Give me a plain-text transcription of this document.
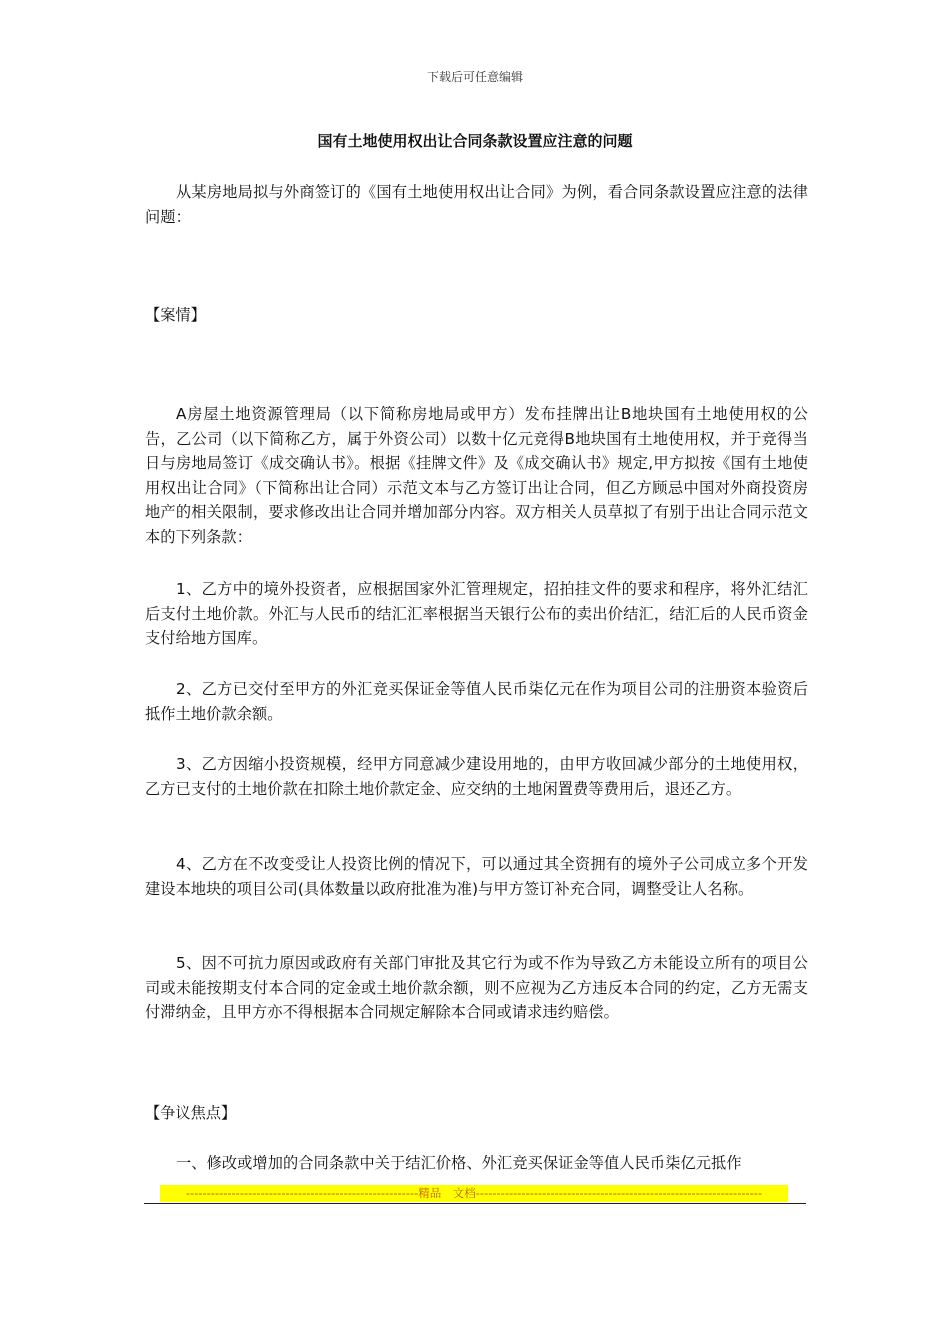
下载后可任意编辑
国有土地使用权出让合同条款设置应注意的问题

从某房地局拟与外商签订的《国有土地使用权出让合同》为例，看合同条款设置应注意的法律问题：

【案情】

A房屋土地资源管理局（以下简称房地局或甲方）发布挂牌出让B地块国有土地使用权的公告，乙公司（以下简称乙方，属于外资公司）以数十亿元竞得B地块国有土地使用权，并于竞得当日与房地局签订《成交确认书》。根据《挂牌文件》及《成交确认书》规定,甲方拟按《国有土地使用权出让合同》（下简称出让合同）示范文本与乙方签订出让合同，但乙方顾忌中国对外商投资房地产的相关限制，要求修改出让合同并增加部分内容。双方相关人员草拟了有别于出让合同示范文本的下列条款：

1、乙方中的境外投资者，应根据国家外汇管理规定，招拍挂文件的要求和程序，将外汇结汇后支付土地价款。外汇与人民币的结汇汇率根据当天银行公布的卖出价结汇，结汇后的人民币资金支付给地方国库。

2、乙方已交付至甲方的外汇竞买保证金等值人民币柒亿元在作为项目公司的注册资本验资后抵作土地价款余额。

3、乙方因缩小投资规模，经甲方同意减少建设用地的，由甲方收回减少部分的土地使用权，乙方已支付的土地价款在扣除土地价款定金、应交纳的土地闲置费等费用后，退还乙方。

4、乙方在不改变受让人投资比例的情况下，可以通过其全资拥有的境外子公司成立多个开发建设本地块的项目公司(具体数量以政府批准为准)与甲方签订补充合同，调整受让人名称。

5、因不可抗力原因或政府有关部门审批及其它行为或不作为导致乙方未能设立所有的项目公司或未能按期支付本合同的定金或土地价款余额，则不应视为乙方违反本合同的约定，乙方无需支付滞纳金，且甲方亦不得根据本合同规定解除本合同或请求违约赔偿。

【争议焦点】

一、修改或增加的合同条款中关于结汇价格、外汇竞买保证金等值人民币柒亿元抵作

--------------------------------------------------------精品　文档---------------------------------------------------------------------
